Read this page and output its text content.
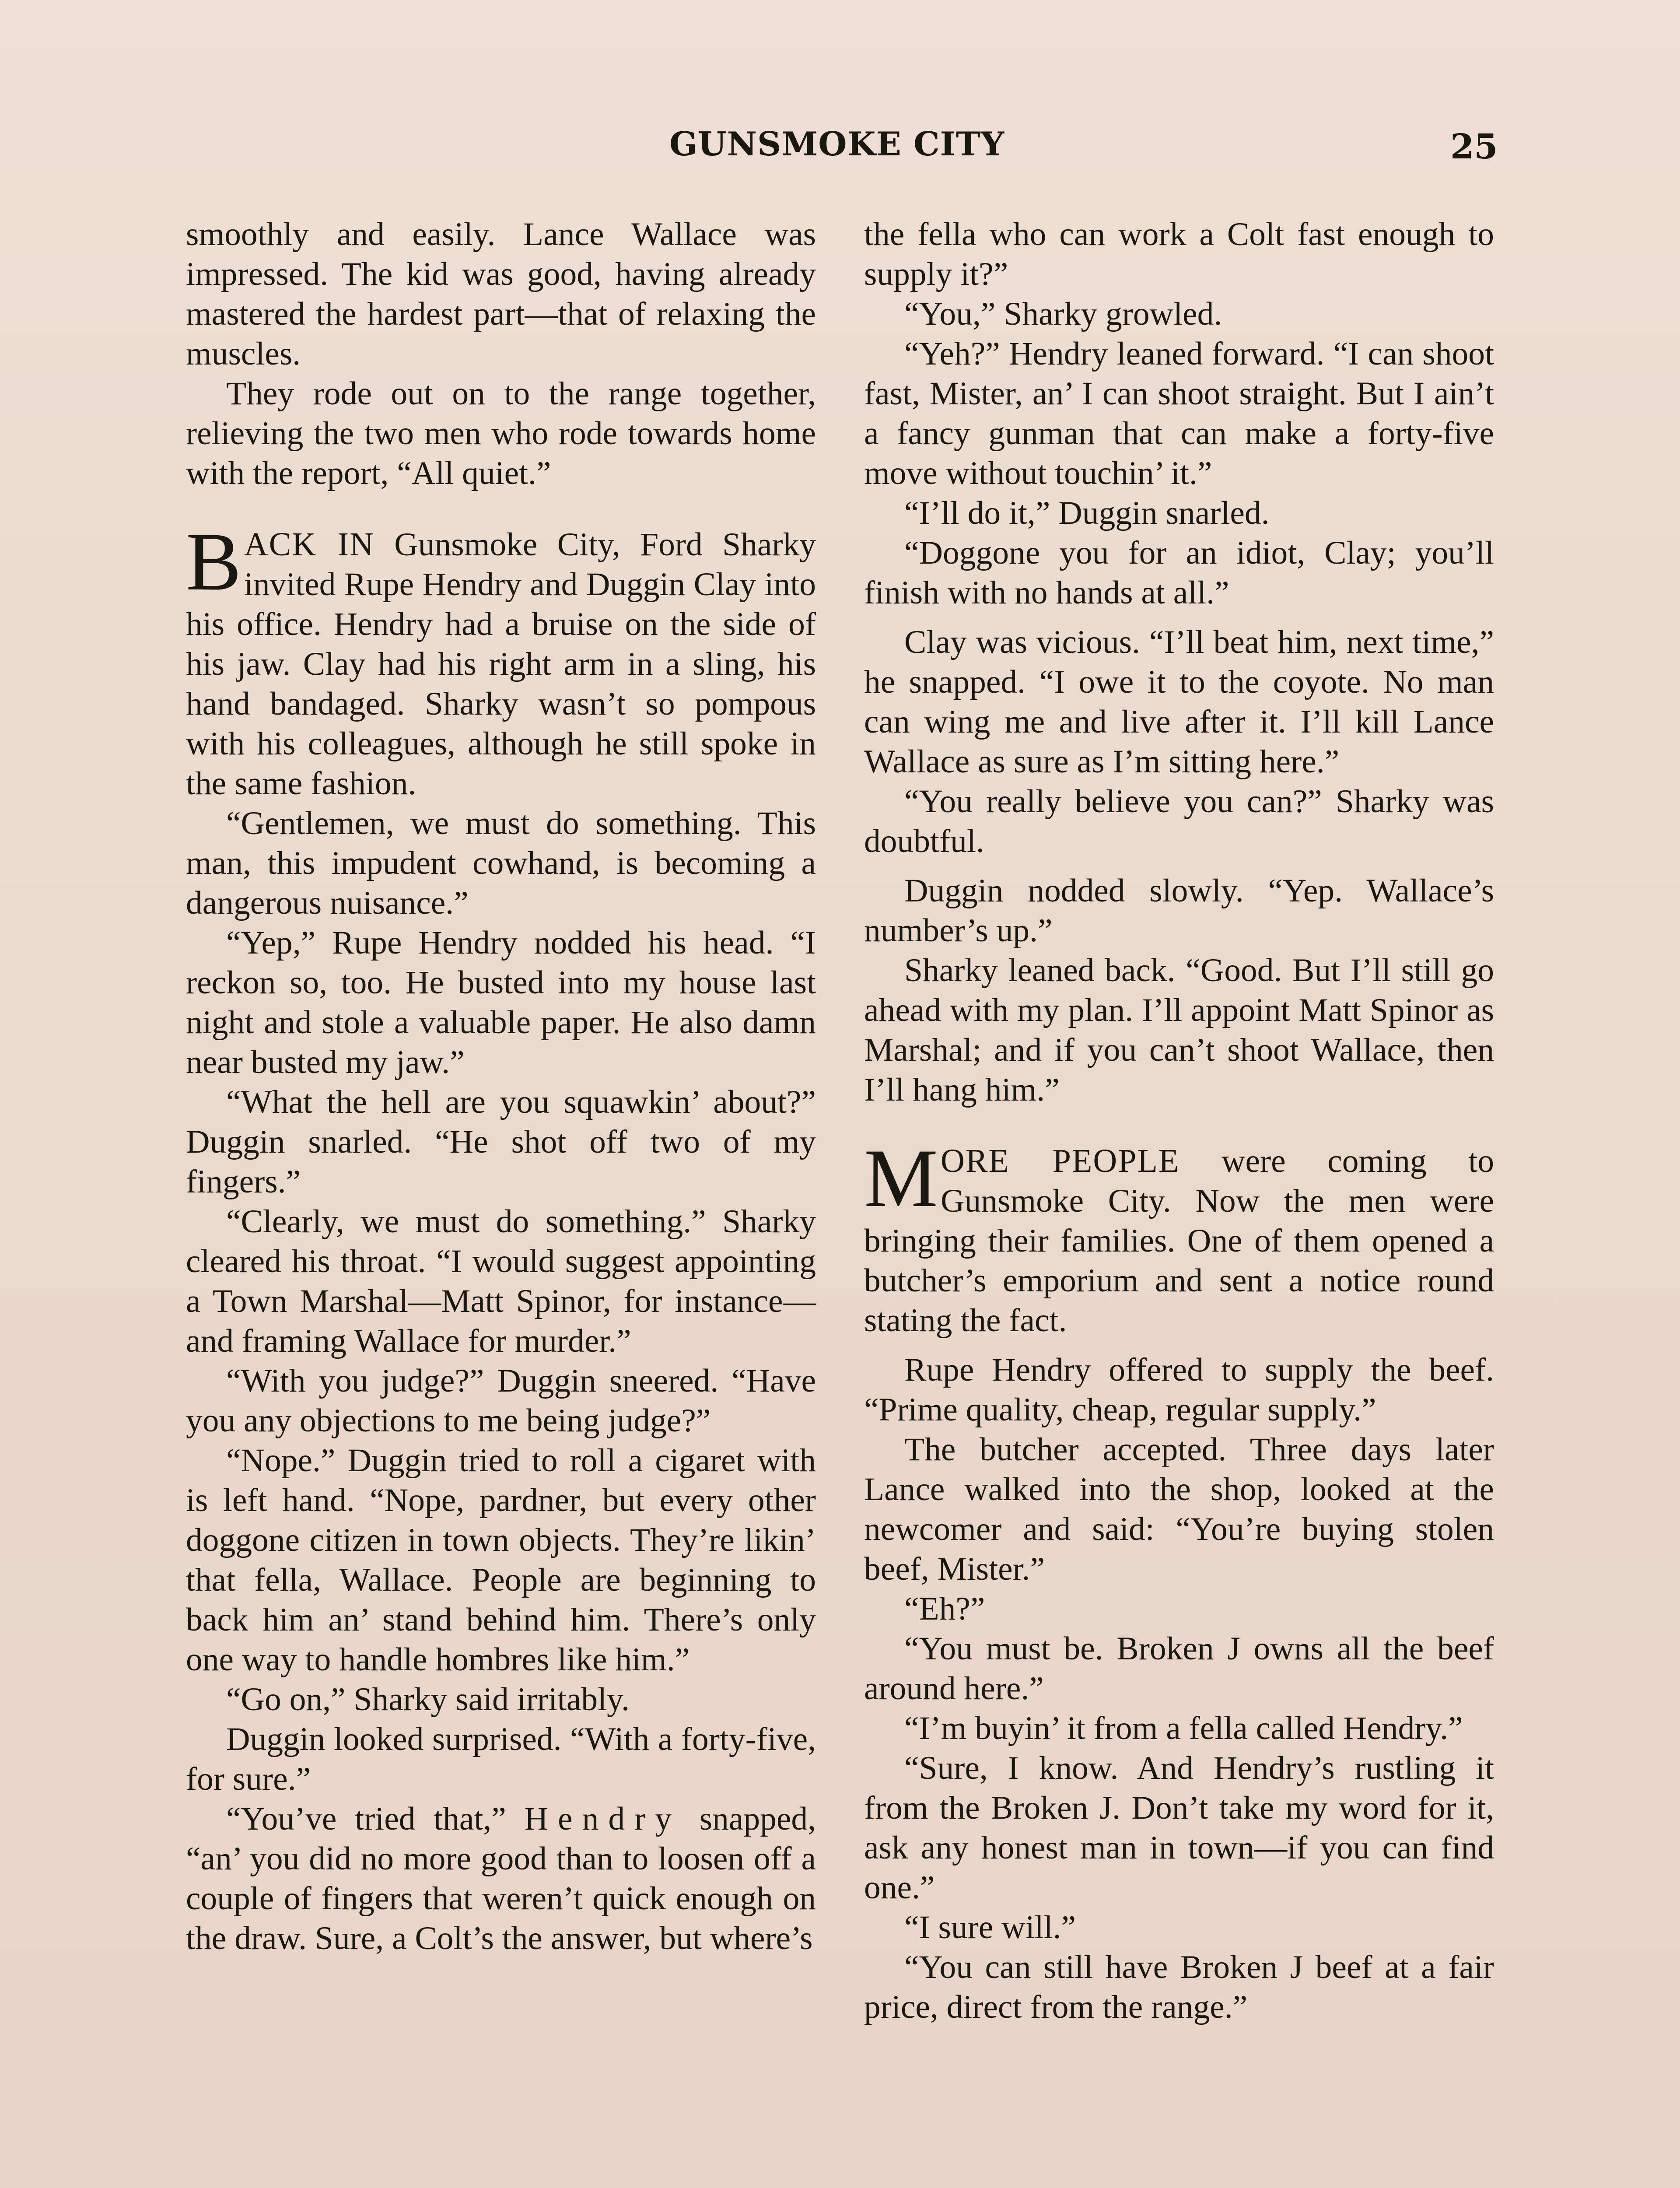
GUNSMOKE CITY	25

smoothly and easily. Lance Wallace was impressed. The kid was good, having already mastered the hardest part—that of relaxing the muscles.

They rode out on to the range together, relieving the two men who rode towards home with the report, “All quiet.”

BACK IN Gunsmoke City, Ford Sharky invited Rupe Hendry and Duggin Clay into his office. Hendry had a bruise on the side of his jaw. Clay had his right arm in a sling, his hand bandaged. Sharky wasn’t so pompous with his colleagues, although he still spoke in the same fashion.

“Gentlemen, we must do something. This man, this impudent cowhand, is becoming a dangerous nuisance.”

“Yep,” Rupe Hendry nodded his head. “I reckon so, too. He busted into my house last night and stole a valuable paper. He also damn near busted my jaw.”

“What the hell are you squawkin’ about?” Duggin snarled. “He shot off two of my fingers.”

“Clearly, we must do something.” Sharky cleared his throat. “I would suggest appointing a Town Marshal—Matt Spinor, for instance—and framing Wallace for murder.”

“With you judge?” Duggin sneered. “Have you any objections to me being judge?”

“Nope.” Duggin tried to roll a cigaret with is left hand. “Nope, pardner, but every other doggone citizen in town objects. They’re likin’ that fella, Wallace. People are beginning to back him an’ stand behind him. There’s only one way to handle hombres like him.”

“Go on,” Sharky said irritably.

Duggin looked surprised. “With a forty-five, for sure.”

“You’ve tried that,” Hendry snapped, “an’ you did no more good than to loosen off a couple of fingers that weren’t quick enough on the draw. Sure, a Colt’s the answer, but where’s

the fella who can work a Colt fast enough to supply it?”

“You,” Sharky growled.

“Yeh?” Hendry leaned forward. “I can shoot fast, Mister, an’ I can shoot straight. But I ain’t a fancy gunman that can make a forty-five move without touchin’ it.”

“I’ll do it,” Duggin snarled.

“Doggone you for an idiot, Clay; you’ll finish with no hands at all.”

Clay was vicious. “I’ll beat him, next time,” he snapped. “I owe it to the coyote. No man can wing me and live after it. I’ll kill Lance Wallace as sure as I’m sitting here.”

“You really believe you can?” Sharky was doubtful.

Duggin nodded slowly. “Yep. Wallace’s number’s up.”

Sharky leaned back. “Good. But I’ll still go ahead with my plan. I’ll appoint Matt Spinor as Marshal; and if you can’t shoot Wallace, then I’ll hang him.”

MORE PEOPLE were coming to Gunsmoke City. Now the men were bringing their families. One of them opened a butcher’s emporium and sent a notice round stating the fact.

Rupe Hendry offered to supply the beef. “Prime quality, cheap, regular supply.”

The butcher accepted. Three days later Lance walked into the shop, looked at the newcomer and said: “You’re buying stolen beef, Mister.”

“Eh?”

“You must be. Broken J owns all the beef around here.”

“I’m buyin’ it from a fella called Hendry.”

“Sure, I know. And Hendry’s rustling it from the Broken J. Don’t take my word for it, ask any honest man in town—if you can find one.”

“I sure will.”

“You can still have Broken J beef at a fair price, direct from the range.”
